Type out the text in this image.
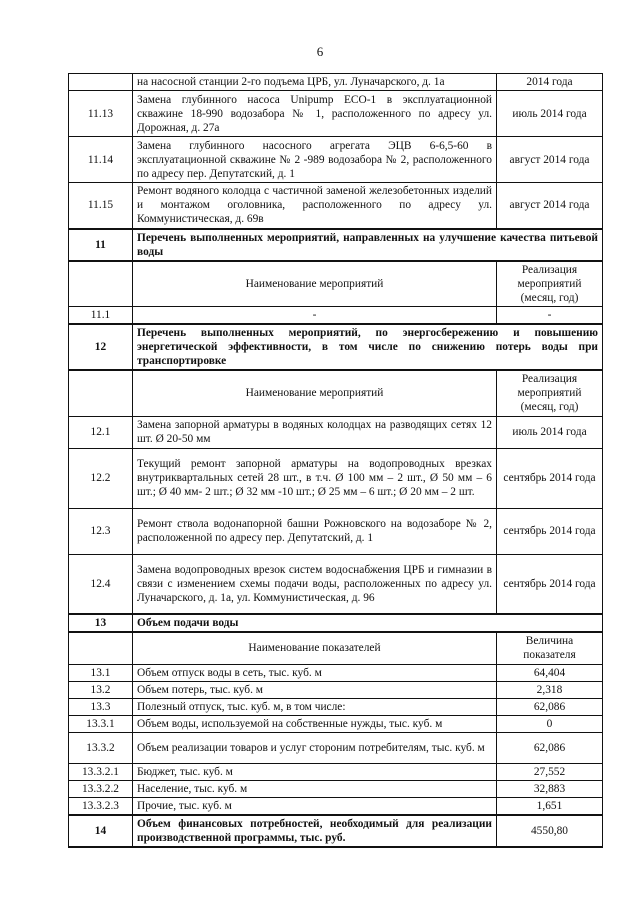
6
	на насосной станции 2-го подъема ЦРБ, ул. Луначарского, д. 1а	2014 года
11.13	Замена глубинного насоса Unipump ECO-1 в эксплуатационной скважине 18-990 водозабора № 1, расположенного по адресу ул. Дорожная, д. 27а	июль 2014 года
11.14	Замена глубинного насосного агрегата ЭЦВ 6-6,5-60 в эксплуатационной скважине № 2 -989 водозабора № 2, расположенного по адресу пер. Депутатский, д. 1	август 2014 года
11.15	Ремонт водяного колодца с частичной заменой железобетонных изделий и монтажом оголовника, расположенного по адресу ул. Коммунистическая, д. 69в	август 2014 года
11	Перечень выполненных мероприятий, направленных на улучшение качества питьевой воды	
	Наименование мероприятий	Реализация мероприятий (месяц, год)
11.1	-	-
12	Перечень выполненных мероприятий, по энергосбережению и повышению энергетической эффективности, в том числе по снижению потерь воды при транспортировке	
	Наименование мероприятий	Реализация мероприятий (месяц, год)
12.1	Замена запорной арматуры в водяных колодцах на разводящих сетях 12 шт. Ø 20-50 мм	июль 2014 года
12.2	Текущий ремонт запорной арматуры на водопроводных врезках внутриквартальных сетей 28 шт., в т.ч. Ø 100 мм – 2 шт., Ø 50 мм – 6 шт.; Ø 40 мм- 2 шт.; Ø 32 мм -10 шт.; Ø 25 мм – 6 шт.; Ø 20 мм – 2 шт.	сентябрь 2014 года
12.3	Ремонт ствола водонапорной башни Рожновского на водозаборе № 2, расположенной по адресу пер. Депутатский, д. 1	сентябрь 2014 года
12.4	Замена водопроводных врезок систем водоснабжения ЦРБ и гимназии в связи с изменением схемы подачи воды, расположенных по адресу ул. Луначарского, д. 1а, ул. Коммунистическая, д. 96	сентябрь 2014 года
13	Объем подачи воды	
	Наименование показателей	Величина показателя
13.1	Объем отпуск воды в сеть, тыс. куб. м	64,404
13.2	Объем потерь, тыс. куб. м	2,318
13.3	Полезный отпуск, тыс. куб. м, в том числе:	62,086
13.3.1	Объем воды, используемой на собственные нужды, тыс. куб. м	0
13.3.2	Объем реализации товаров и услуг стороним потребителям, тыс. куб. м	62,086
13.3.2.1	Бюджет, тыс. куб. м	27,552
13.3.2.2	Население, тыс. куб. м	32,883
13.3.2.3	Прочие, тыс. куб. м	1,651
14	Объем финансовых потребностей, необходимый для реализации производственной программы, тыс. руб.	4550,80
